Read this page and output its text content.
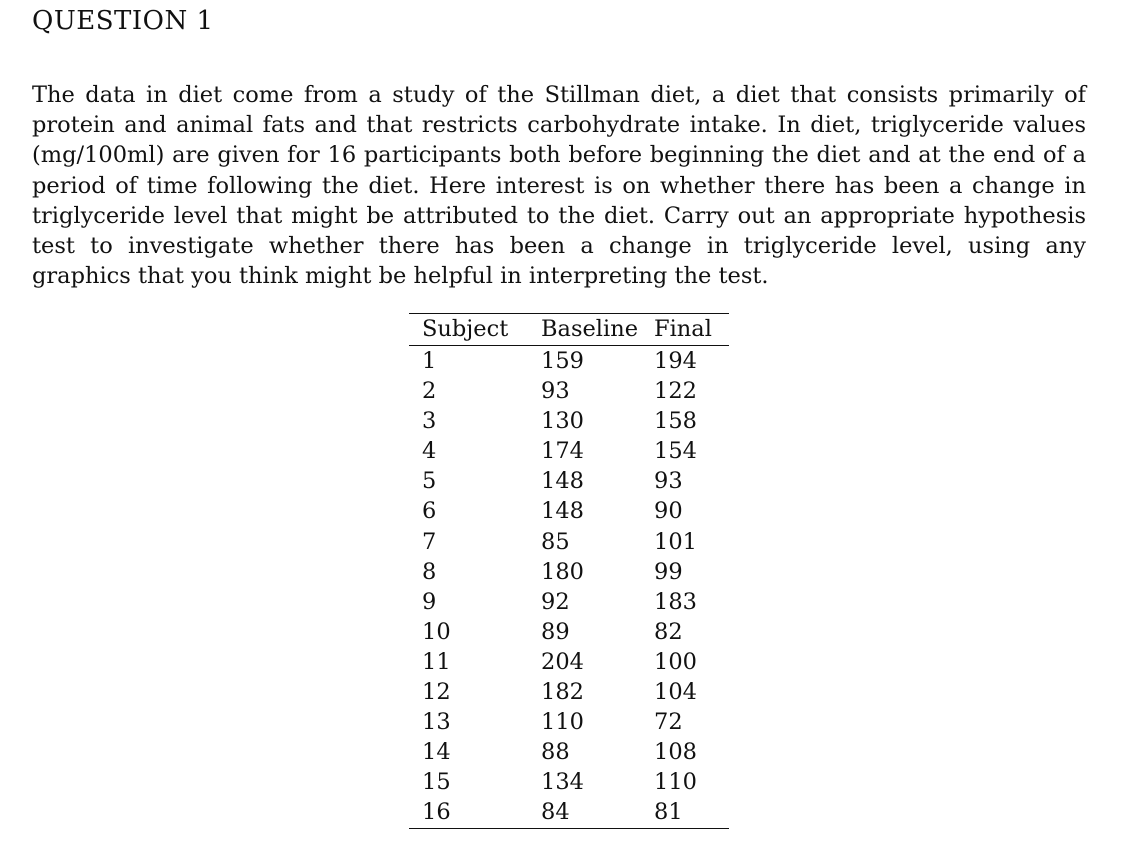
QUESTION 1

The data in diet come from a study of the Stillman diet, a diet that consists primarily of protein and animal fats and that restricts carbohydrate intake. In diet, triglyceride values (mg/100ml) are given for 16 participants both before beginning the diet and at the end of a period of time following the diet. Here interest is on whether there has been a change in triglyceride level that might be attributed to the diet. Carry out an appropriate hypothesis test to investigate whether there has been a change in triglyceride level, using any graphics that you think might be helpful in interpreting the test.

Subject	Baseline	Final
1	159	194
2	93	122
3	130	158
4	174	154
5	148	93
6	148	90
7	85	101
8	180	99
9	92	183
10	89	82
11	204	100
12	182	104
13	110	72
14	88	108
15	134	110
16	84	81
